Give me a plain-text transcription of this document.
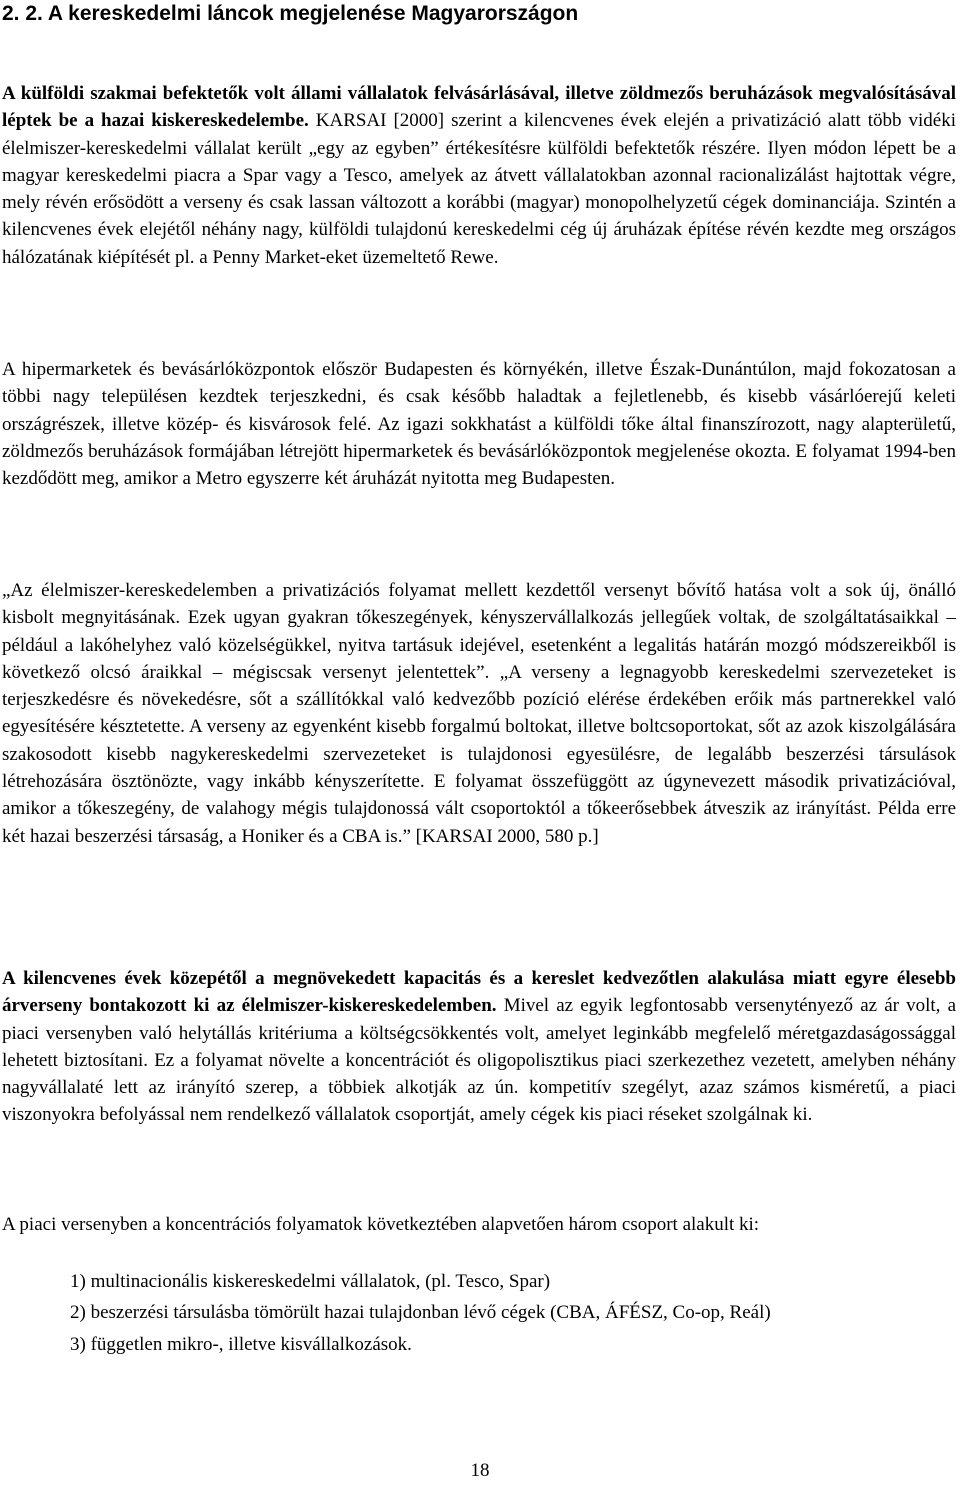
2. 2. A kereskedelmi láncok megjelenése Magyarországon

A külföldi szakmai befektetők volt állami vállalatok felvásárlásával, illetve zöldmezős beruházások megvalósításával léptek be a hazai kiskereskedelembe. KARSAI [2000] szerint a kilencvenes évek elején a privatizáció alatt több vidéki élelmiszer-kereskedelmi vállalat került „egy az egyben” értékesítésre külföldi befektetők részére. Ilyen módon lépett be a magyar kereskedelmi piacra a Spar vagy a Tesco, amelyek az átvett vállalatokban azonnal racionalizálást hajtottak végre, mely révén erősödött a verseny és csak lassan változott a korábbi (magyar) monopolhelyzetű cégek dominanciája. Szintén a kilencvenes évek elejétől néhány nagy, külföldi tulajdonú kereskedelmi cég új áruházak építése révén kezdte meg országos hálózatának kiépítését pl. a Penny Market-eket üzemeltető Rewe.

A hipermarketek és bevásárlóközpontok először Budapesten és környékén, illetve Észak-Dunántúlon, majd fokozatosan a többi nagy településen kezdtek terjeszkedni, és csak később haladtak a fejletlenebb, és kisebb vásárlóerejű keleti országrészek, illetve közép- és kisvárosok felé. Az igazi sokkhatást a külföldi tőke által finanszírozott, nagy alapterületű, zöldmezős beruházások formájában létrejött hipermarketek és bevásárlóközpontok megjelenése okozta. E folyamat 1994-ben kezdődött meg, amikor a Metro egyszerre két áruházát nyitotta meg Budapesten.

„Az élelmiszer-kereskedelemben a privatizációs folyamat mellett kezdettől versenyt bővítő hatása volt a sok új, önálló kisbolt megnyitásának. Ezek ugyan gyakran tőkeszegények, kényszervállalkozás jellegűek voltak, de szolgáltatásaikkal – például a lakóhelyhez való közelségükkel, nyitva tartásuk idejével, esetenként a legalitás határán mozgó módszereikből is következő olcsó áraikkal – mégiscsak versenyt jelentettek”. „A verseny a legnagyobb kereskedelmi szervezeteket is terjeszkedésre és növekedésre, sőt a szállítókkal való kedvezőbb pozíció elérése érdekében erőik más partnerekkel való egyesítésére késztetette. A verseny az egyenként kisebb forgalmú boltokat, illetve boltcsoportokat, sőt az azok kiszolgálására szakosodott kisebb nagykereskedelmi szervezeteket is tulajdonosi egyesülésre, de legalább beszerzési társulások létrehozására ösztönözte, vagy inkább kényszerítette. E folyamat összefüggött az úgynevezett második privatizációval, amikor a tőkeszegény, de valahogy mégis tulajdonossá vált csoportoktól a tőkeerősebbek átveszik az irányítást. Példa erre két hazai beszerzési társaság, a Honiker és a CBA is.” [KARSAI 2000, 580 p.]

A kilencvenes évek közepétől a megnövekedett kapacitás és a kereslet kedvezőtlen alakulása miatt egyre élesebb árverseny bontakozott ki az élelmiszer-kiskereskedelemben. Mivel az egyik legfontosabb versenytényező az ár volt, a piaci versenyben való helytállás kritériuma a költségcsökkentés volt, amelyet leginkább megfelelő méretgazdaságossággal lehetett biztosítani. Ez a folyamat növelte a koncentrációt és oligopolisztikus piaci szerkezethez vezetett, amelyben néhány nagyvállalaté lett az irányító szerep, a többiek alkotják az ún. kompetitív szegélyt, azaz számos kisméretű, a piaci viszonyokra befolyással nem rendelkező vállalatok csoportját, amely cégek kis piaci réseket szolgálnak ki.

A piaci versenyben a koncentrációs folyamatok következtében alapvetően három csoport alakult ki:

1) multinacionális kiskereskedelmi vállalatok, (pl. Tesco, Spar)
2) beszerzési társulásba tömörült hazai tulajdonban lévő cégek (CBA, ÁFÉSZ, Co-op, Reál)
3) független mikro-, illetve kisvállalkozások.
18
